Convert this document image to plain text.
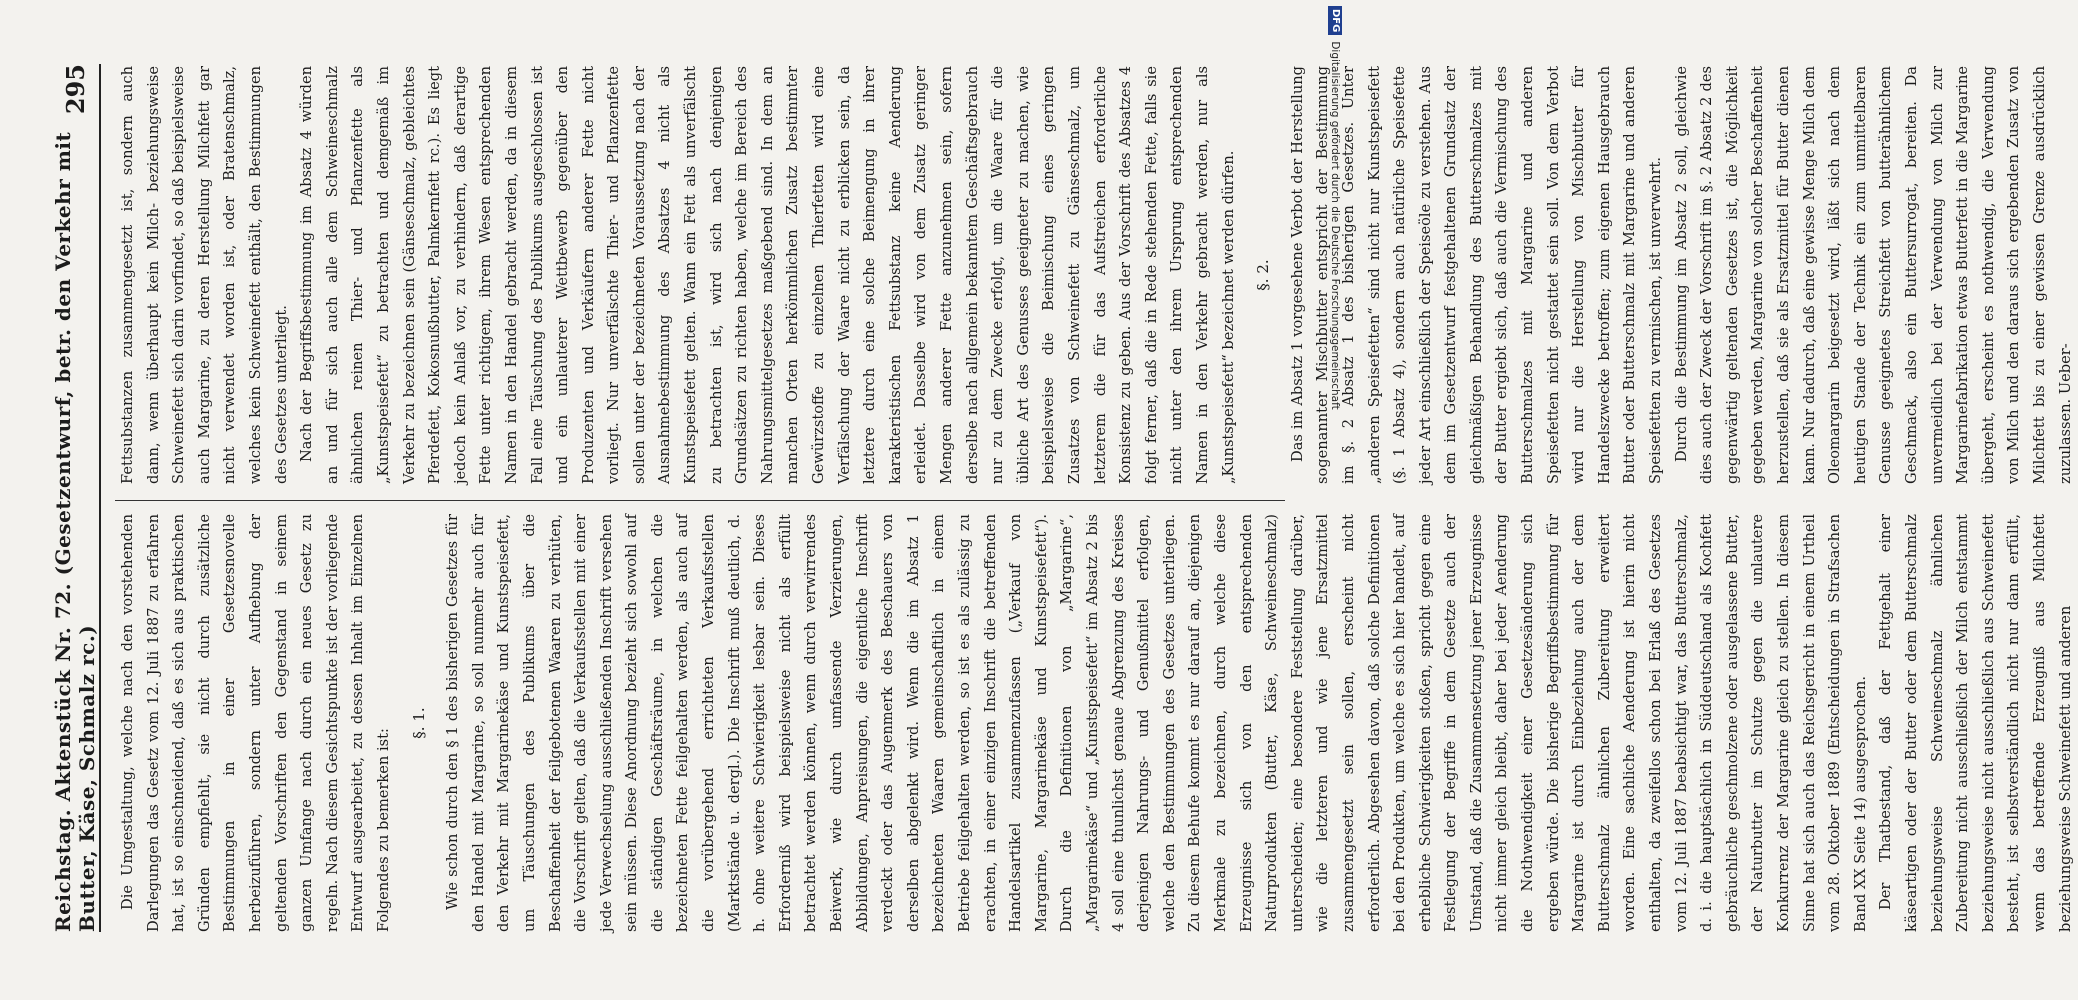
Reichstag. Aktenstück Nr. 72. (Gesetzentwurf, betr. den Verkehr mit Butter, Käse, Schmalz rc.)
295

Die Umgestaltung, welche nach den vorstehenden Darlegungen das Gesetz vom 12. Juli 1887 zu erfahren hat, ist so einschneidend, daß es sich aus praktischen Gründen empfiehlt, sie nicht durch zusätzliche Bestimmungen in einer Gesetzesnovelle herbeizuführen, sondern unter Aufhebung der geltenden Vorschriften den Gegenstand in seinem ganzen Umfange nach durch ein neues Gesetz zu regeln. Nach diesem Gesichtspunkte ist der vorliegende Entwurf ausgearbeitet, zu dessen Inhalt im Einzelnen Folgendes zu bemerken ist:

§. 1.	Wie schon durch den § 1 des bisherigen Gesetzes für den Handel mit Margarine, so soll nunmehr auch für den Verkehr mit Margarinekäse und Kunstspeisefett, um Täuschungen des Publikums über die Beschaffenheit der feilgebotenen Waaren zu verhüten, die Vorschrift gelten, daß die Verkaufsstellen mit einer jede Verwechselung ausschließenden Inschrift versehen sein müssen. Diese Anordnung bezieht sich sowohl auf die ständigen Geschäftsräume, in welchen die bezeichneten Fette feilgehalten werden, als auch auf die vorübergehend errichteten Verkaufsstellen (Marktstände u. dergl.). Die Inschrift muß deutlich, d. h. ohne weitere Schwierigkeit lesbar sein. Dieses Erforderniß wird beispielsweise nicht als erfüllt betrachtet werden können, wenn durch verwirrendes Beiwerk, wie durch umfassende Verzierungen, Abbildungen, Anpreisungen, die eigentliche Inschrift verdeckt oder das Augenmerk des Beschauers von derselben abgelenkt wird. Wenn die im Absatz 1 bezeichneten Waaren gemeinschaftlich in einem Betriebe feilgehalten werden, so ist es als zulässig zu erachten, in einer einzigen Inschrift die betreffenden Handelsartikel zusammenzufassen („Verkauf von Margarine, Margarinekäse und Kunstspeisefett“). Durch die Definitionen von „Margarine“, „Margarinekäse“ und „Kunstspeisefett“ im Absatz 2 bis 4 soll eine thunlichst genaue Abgrenzung des Kreises derjenigen Nahrungs- und Genußmittel erfolgen, welche den Bestimmungen des Gesetzes unterliegen. Zu diesem Behufe kommt es nur darauf an, diejenigen Merkmale zu bezeichnen, durch welche diese Erzeugnisse sich von den entsprechenden Naturprodukten (Butter, Käse, Schweineschmalz) unterscheiden; eine besondere Feststellung darüber, wie die letzteren und wie jene Ersatzmittel zusammengesetzt sein sollen, erscheint nicht erforderlich. Abgesehen davon, daß solche Definitionen bei den Produkten, um welche es sich hier handelt, auf erhebliche Schwierigkeiten stoßen, spricht gegen eine Festlegung der Begriffe in dem Gesetze auch der Umstand, daß die Zusammensetzung jener Erzeugnisse nicht immer gleich bleibt, daher bei jeder Aenderung die Nothwendigkeit einer Gesetzesänderung sich ergeben würde. Die bisherige Begriffsbestimmung für Margarine ist durch Einbeziehung auch der dem Butterschmalz ähnlichen Zubereitung erweitert worden. Eine sachliche Aenderung ist hierin nicht enthalten, da zweifellos schon bei Erlaß des Gesetzes vom 12. Juli 1887 beabsichtigt war, das Butterschmalz, d. i. die hauptsächlich in Süddeutschland als Kochfett gebräuchliche geschmolzene oder ausgelassene Butter, der Naturbutter im Schutze gegen die unlautere Konkurrenz der Margarine gleich zu stellen. In diesem Sinne hat sich auch das Reichsgericht in einem Urtheil vom 28. Oktober 1889 (Entscheidungen in Strafsachen Band XX Seite 14) ausgesprochen. Der Thatbestand, daß der Fettgehalt einer käseartigen oder der Butter oder dem Butterschmalz beziehungsweise Schweineschmalz ähnlichen Zubereitung nicht ausschließlich der Milch entstammt beziehungsweise nicht ausschließlich aus Schweinefett besteht, ist selbstverständlich nicht nur dann erfüllt, wenn das betreffende Erzeugniß aus Milchfett beziehungsweise Schweinefett und anderen

Fettsubstanzen zusammengesetzt ist, sondern auch dann, wenn überhaupt kein Milch- beziehungsweise Schweinefett sich darin vorfindet, so daß beispielsweise auch Margarine, zu deren Herstellung Milchfett gar nicht verwendet worden ist, oder Bratenschmalz, welches kein Schweinefett enthält, den Bestimmungen des Gesetzes unterliegt. Nach der Begriffsbestimmung im Absatz 4 würden an und für sich auch alle dem Schweineschmalz ähnlichen reinen Thier- und Pflanzenfette als „Kunstspeisefett“ zu betrachten und demgemäß im Verkehr zu bezeichnen sein (Gänseschmalz, gebleichtes Pferdefett, Kokosnußbutter, Palmkernfett rc.). Es liegt jedoch kein Anlaß vor, zu verhindern, daß derartige Fette unter richtigem, ihrem Wesen entsprechenden Namen in den Handel gebracht werden, da in diesem Fall eine Täuschung des Publikums ausgeschlossen ist und ein unlauterer Wettbewerb gegenüber den Produzenten und Verkäufern anderer Fette nicht vorliegt. Nur unverfälschte Thier- und Pflanzenfette sollen unter der bezeichneten Voraussetzung nach der Ausnahmebestimmung des Absatzes 4 nicht als Kunstspeisefett gelten. Wann ein Fett als unverfälscht zu betrachten ist, wird sich nach denjenigen Grundsätzen zu richten haben, welche im Bereich des Nahrungsmittelgesetzes maßgebend sind. In dem an manchen Orten herkömmlichen Zusatz bestimmter Gewürzstoffe zu einzelnen Thierfetten wird eine Verfälschung der Waare nicht zu erblicken sein, da letztere durch eine solche Beimengung in ihrer karakteristischen Fettsubstanz keine Aenderung erleidet. Dasselbe wird von dem Zusatz geringer Mengen anderer Fette anzunehmen sein, sofern derselbe nach allgemein bekanntem Geschäftsgebrauch nur zu dem Zwecke erfolgt, um die Waare für die übliche Art des Genusses geeigneter zu machen, wie beispielsweise die Beimischung eines geringen Zusatzes von Schweinefett zu Gänseschmalz, um letzterem die für das Aufstreichen erforderliche Konsistenz zu geben. Aus der Vorschrift des Absatzes 4 folgt ferner, daß die in Rede stehenden Fette, falls sie nicht unter den ihrem Ursprung entsprechenden Namen in den Verkehr gebracht werden, nur als „Kunstspeisefett“ bezeichnet werden dürfen.	§. 2.	Das im Absatz 1 vorgesehene Verbot der Herstellung sogenannter Mischbutter entspricht der Bestimmung im §. 2 Absatz 1 des bisherigen Gesetzes. Unter „anderen Speisefetten“ sind nicht nur Kunstspeisefett (§. 1 Absatz 4), sondern auch natürliche Speisefette jeder Art einschließlich der Speiseöle zu verstehen. Aus dem im Gesetzentwurf festgehaltenen Grundsatz der gleichmäßigen Behandlung des Butterschmalzes mit der Butter ergiebt sich, daß auch die Vermischung des Butterschmalzes mit Margarine und anderen Speisefetten nicht gestattet sein soll. Von dem Verbot wird nur die Herstellung von Mischbutter für Handelszwecke betroffen; zum eigenen Hausgebrauch Butter oder Butterschmalz mit Margarine und anderen Speisefetten zu vermischen, ist unverwehrt. Durch die Bestimmung im Absatz 2 soll, gleichwie dies auch der Zweck der Vorschrift im §. 2 Absatz 2 des gegenwärtig geltenden Gesetzes ist, die Möglichkeit gegeben werden, Margarine von solcher Beschaffenheit herzustellen, daß sie als Ersatzmittel für Butter dienen kann. Nur dadurch, daß eine gewisse Menge Milch dem Oleomargarin beigesetzt wird, läßt sich nach dem heutigen Stande der Technik ein zum unmittelbaren Genusse geeignetes Streichfett von butterähnlichem Geschmack, also ein Buttersurrogat, bereiten. Da unvermeidlich bei der Verwendung von Milch zur Margarinefabrikation etwas Butterfett in die Margarine übergeht, erscheint es nothwendig, die Verwendung von Milch und den daraus sich ergebenden Zusatz von Milchfett bis zu einer gewissen Grenze ausdrücklich zuzulassen. Ueber-

DFG
Digitalisierung gefördert durch die Deutsche Forschungsgemeinschaft
